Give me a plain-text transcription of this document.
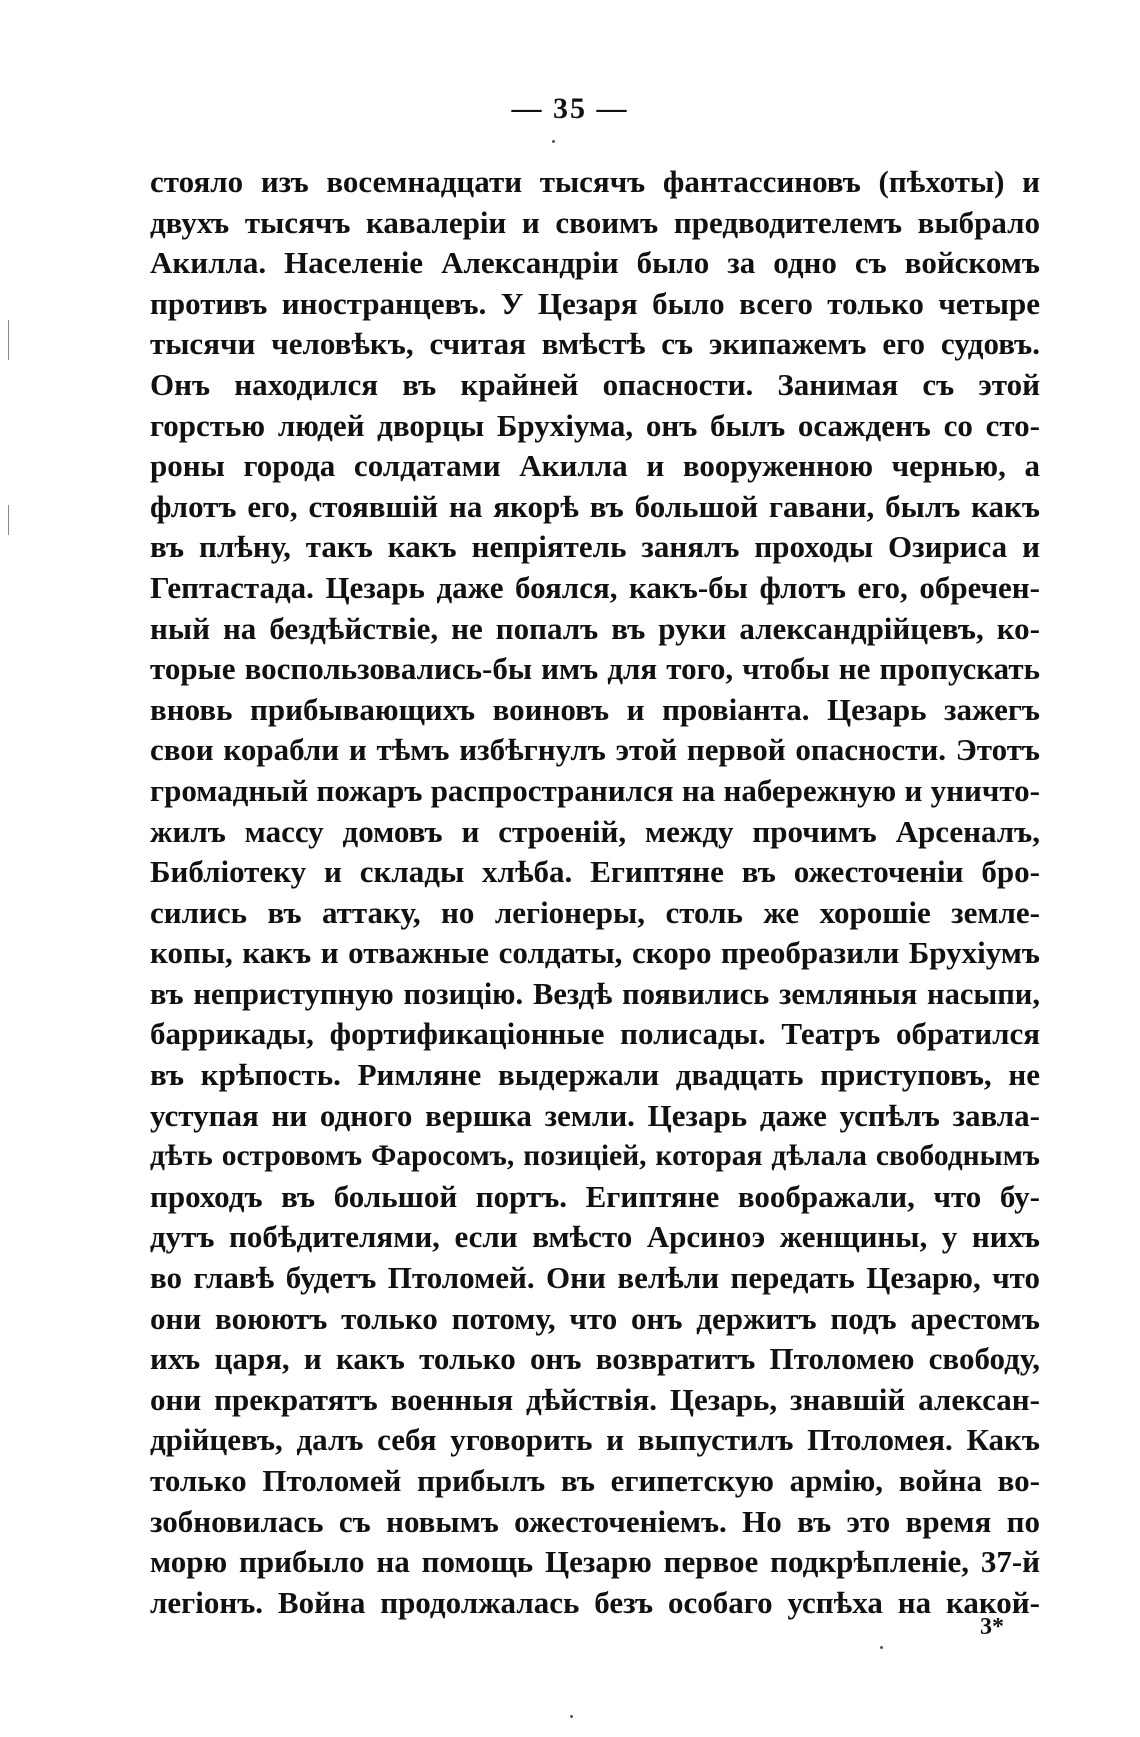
— 35 —
стояло изъ восемнадцати тысячъ фантассиновъ (пѣхоты) и
двухъ тысячъ кавалеріи и своимъ предводителемъ выбрало
Акилла. Населеніе Александріи было за одно съ войскомъ
противъ иностранцевъ. У Цезаря было всего только четыре
тысячи человѣкъ, считая вмѣстѣ съ экипажемъ его судовъ.
Онъ находился въ крайней опасности. Занимая съ этой
горстью людей дворцы Брухіума, онъ былъ осажденъ со сто-
роны города солдатами Акилла и вооруженною чернью, а
флотъ его, стоявшій на якорѣ въ большой гавани, былъ какъ
въ плѣну, такъ какъ непріятель занялъ проходы Озириса и
Гептастада. Цезарь даже боялся, какъ-бы флотъ его, обречен-
ный на бездѣйствіе, не попалъ въ руки александрійцевъ, ко-
торые воспользовались-бы имъ для того, чтобы не пропускать
вновь прибывающихъ воиновъ и провіанта. Цезарь зажегъ
свои корабли и тѣмъ избѣгнулъ этой первой опасности. Этотъ
громадный пожаръ распространился на набережную и уничто-
жилъ массу домовъ и строеній, между прочимъ Арсеналъ,
Библіотеку и склады хлѣба. Египтяне въ ожесточеніи бро-
сились въ аттаку, но легіонеры, столь же хорошіе земле-
копы, какъ и отважные солдаты, скоро преобразили Брухіумъ
въ неприступную позицію. Вездѣ появились земляныя насыпи,
баррикады, фортификаціонные полисады. Театръ обратился
въ крѣпость. Римляне выдержали двадцать приступовъ, не
уступая ни одного вершка земли. Цезарь даже успѣлъ завла-
дѣть островомъ Фаросомъ, позиціей, которая дѣлала свободнымъ
проходъ въ большой портъ. Египтяне воображали, что бу-
дутъ побѣдителями, если вмѣсто Арсиноэ женщины, у нихъ
во главѣ будетъ Птоломей. Они велѣли передать Цезарю, что
они воюютъ только потому, что онъ держитъ подъ арестомъ
ихъ царя, и какъ только онъ возвратитъ Птоломею свободу,
они прекратятъ военныя дѣйствія. Цезарь, знавшій алексан-
дрійцевъ, далъ себя уговорить и выпустилъ Птоломея. Какъ
только Птоломей прибылъ въ египетскую армію, война во-
зобновилась съ новымъ ожесточеніемъ. Но въ это время по
морю прибыло на помощь Цезарю первое подкрѣпленіе, 37-й
легіонъ. Война продолжалась безъ особаго успѣха на какой-
3*
